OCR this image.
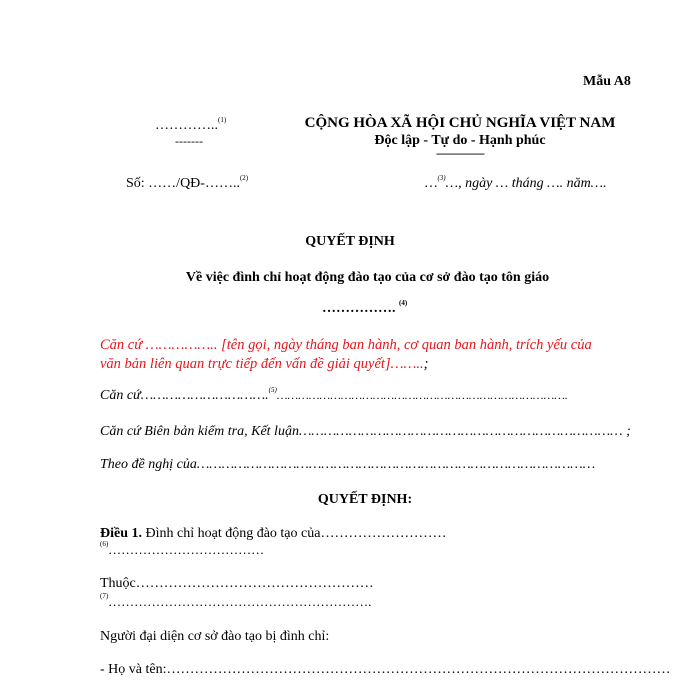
Mẫu A8
…………..$^{(1)}$
-------
CỘNG HÒA XÃ HỘI CHỦ NGHĨA VIỆT NAM
Độc lập - Tự do - Hạnh phúc
----------------
Số: ……/QĐ-……..$^{(2)}$	…$^{(3)}$…, ngày … tháng …. năm….
QUYẾT ĐỊNH
Về việc đình chỉ hoạt động đào tạo của cơ sở đào tạo tôn giáo
……………. $^{(4)}$
Căn cứ …………….. [tên gọi, ngày tháng ban hành, cơ quan ban hành, trích yếu của
văn bản liên quan trực tiếp đến vấn đề giải quyết]……..;
Căn cứ………………………….$^{(5)}$……………………………………………………………………….
Căn cứ Biên bản kiểm tra, Kết luận…………………………………………………………………… ;
Theo đề nghị của……………………………………………………………………………………
QUYẾT ĐỊNH:
Điều 1. Đình chỉ hoạt động đào tạo của………………………
$^{(6)}$………………………………
Thuộc……………………………………………
$^{(7)}$…………………………………………………….
Người đại diện cơ sở đào tạo bị đình chỉ:
- Họ và tên:………………………………………………………………………………………………
